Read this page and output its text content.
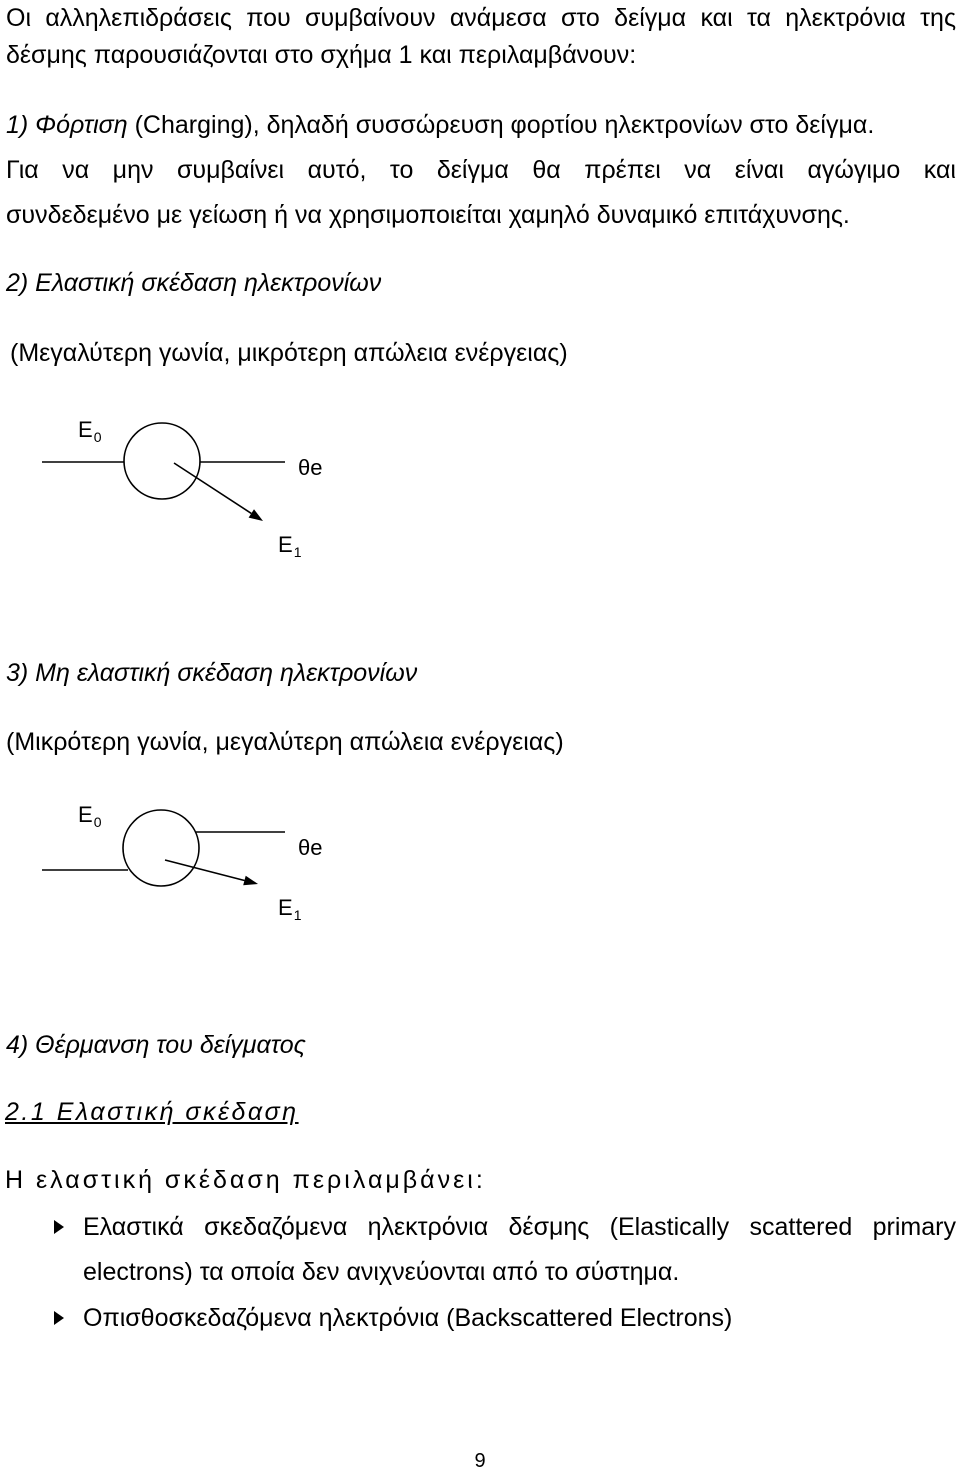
Οι αλληλεπιδράσεις που συμβαίνουν ανάμεσα στο δείγμα και τα ηλεκτρόνια της
δέσμης παρουσιάζονται στο σχήμα 1 και περιλαμβάνουν:
1) Φόρτιση (Charging), δηλαδή συσσώρευση φορτίου ηλεκτρονίων στο δείγμα.
Για να μην συμβαίνει αυτό, το δείγμα θα πρέπει να είναι αγώγιμο και
συνδεδεμένο με γείωση ή να χρησιμοποιείται χαμηλό δυναμικό επιτάχυνσης.
2) Ελαστική σκέδαση ηλεκτρονίων
(Μεγαλύτερη γωνία, μικρότερη απώλεια ενέργειας)
$E_0$
θe
$E_1$
3) Μη ελαστική σκέδαση ηλεκτρονίων
(Μικρότερη γωνία, μεγαλύτερη απώλεια ενέργειας)
$E_0$
θe
$E_1$
4) Θέρμανση του δείγματος
2.1 Ελαστική σκέδαση
Η ελαστική σκέδαση περιλαμβάνει:
Ελαστικά σκεδαζόμενα ηλεκτρόνια δέσμης (Elastically scattered primary
electrons) τα οποία δεν ανιχνεύονται από το σύστημα.
Οπισθοσκεδαζόμενα ηλεκτρόνια (Backscattered Electrons)
9
